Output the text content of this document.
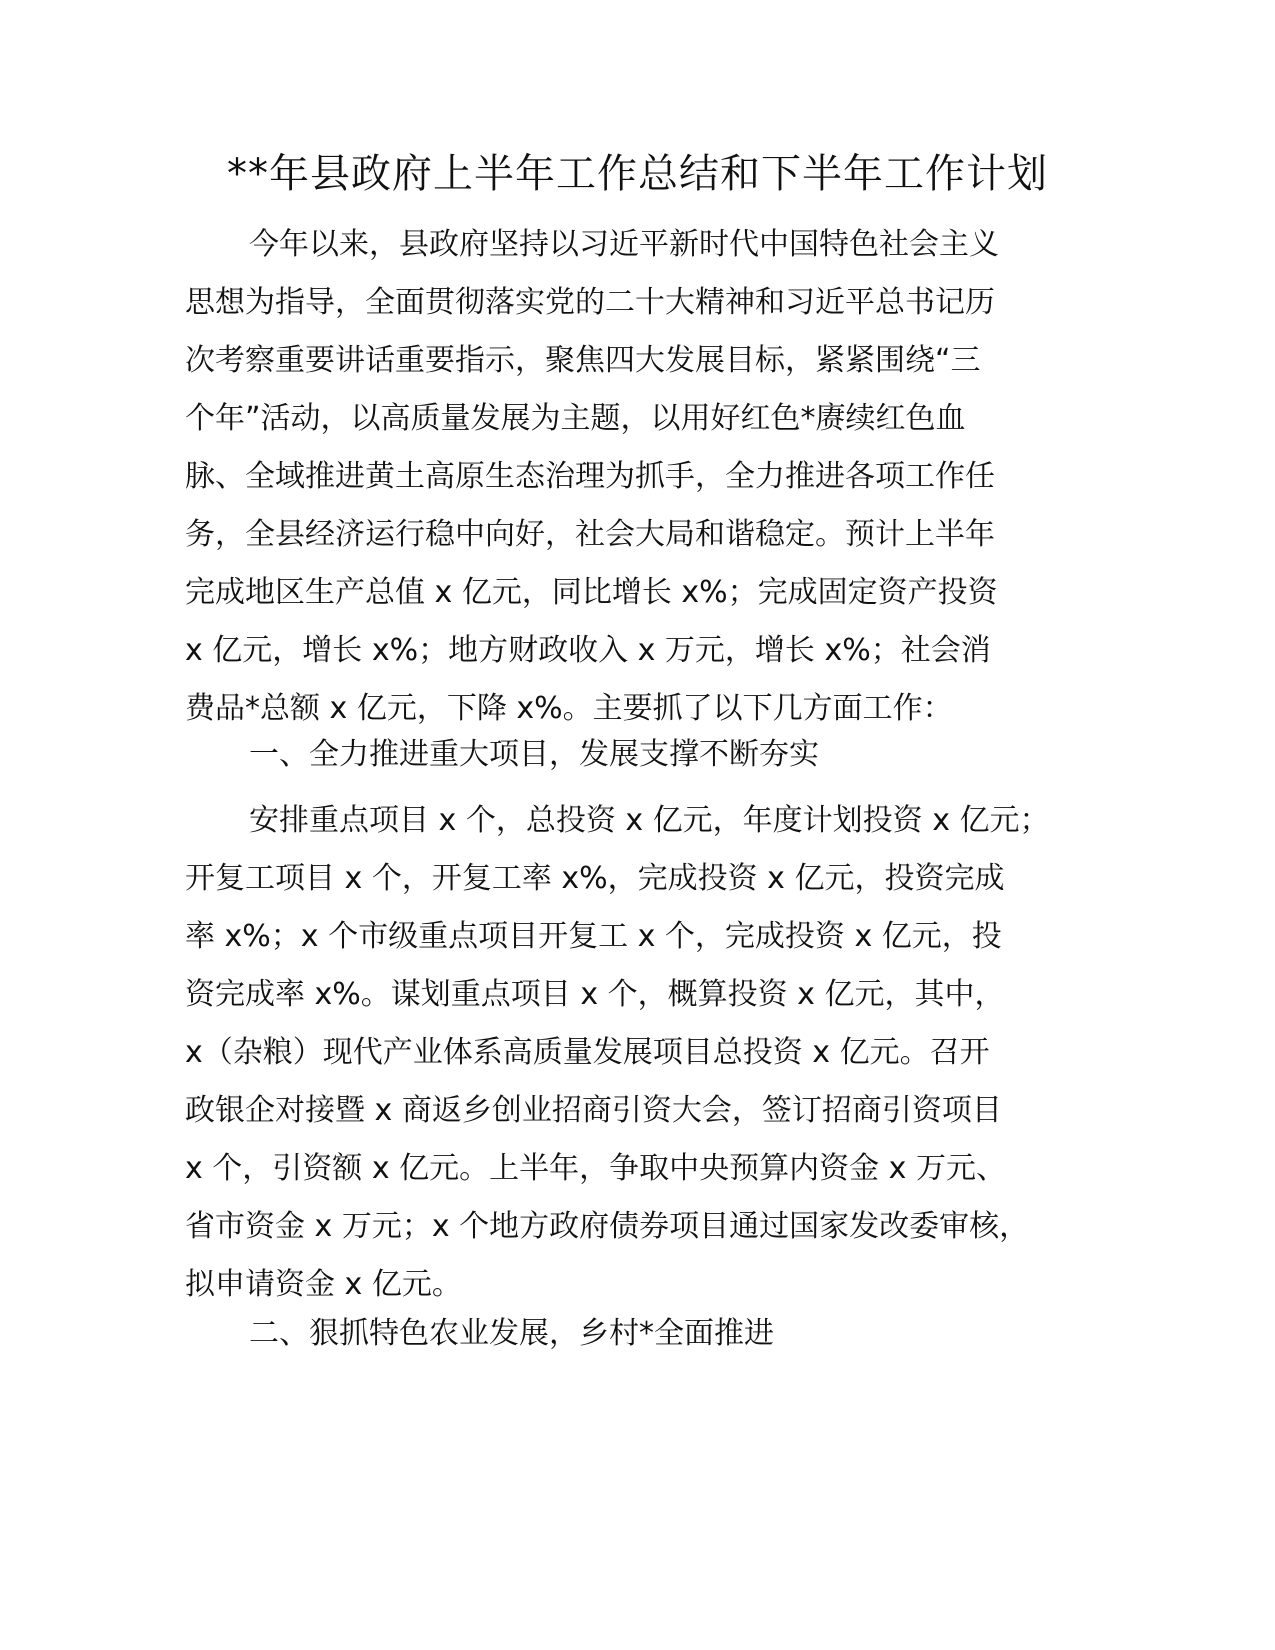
**年县政府上半年工作总结和下半年工作计划
今年以来，县政府坚持以习近平新时代中国特色社会主义
思想为指导，全面贯彻落实党的二十大精神和习近平总书记历
次考察重要讲话重要指示，聚焦四大发展目标，紧紧围绕“三
个年”活动，以高质量发展为主题，以用好红色*赓续红色血
脉、全域推进黄土高原生态治理为抓手，全力推进各项工作任
务，全县经济运行稳中向好，社会大局和谐稳定。预计上半年
完成地区生产总值 x 亿元，同比增长 x%；完成固定资产投资
x 亿元，增长 x%；地方财政收入 x 万元，增长 x%；社会消
费品*总额 x 亿元，下降 x%。主要抓了以下几方面工作：
一、全力推进重大项目，发展支撑不断夯实
安排重点项目 x 个，总投资 x 亿元，年度计划投资 x 亿元；
开复工项目 x 个，开复工率 x%，完成投资 x 亿元，投资完成
率 x%；x 个市级重点项目开复工 x 个，完成投资 x 亿元，投
资完成率 x%。谋划重点项目 x 个，概算投资 x 亿元，其中，
x（杂粮）现代产业体系高质量发展项目总投资 x 亿元。召开
政银企对接暨 x 商返乡创业招商引资大会，签订招商引资项目
x 个，引资额 x 亿元。上半年，争取中央预算内资金 x 万元、
省市资金 x 万元；x 个地方政府债券项目通过国家发改委审核，
拟申请资金 x 亿元。
二、狠抓特色农业发展，乡村*全面推进
